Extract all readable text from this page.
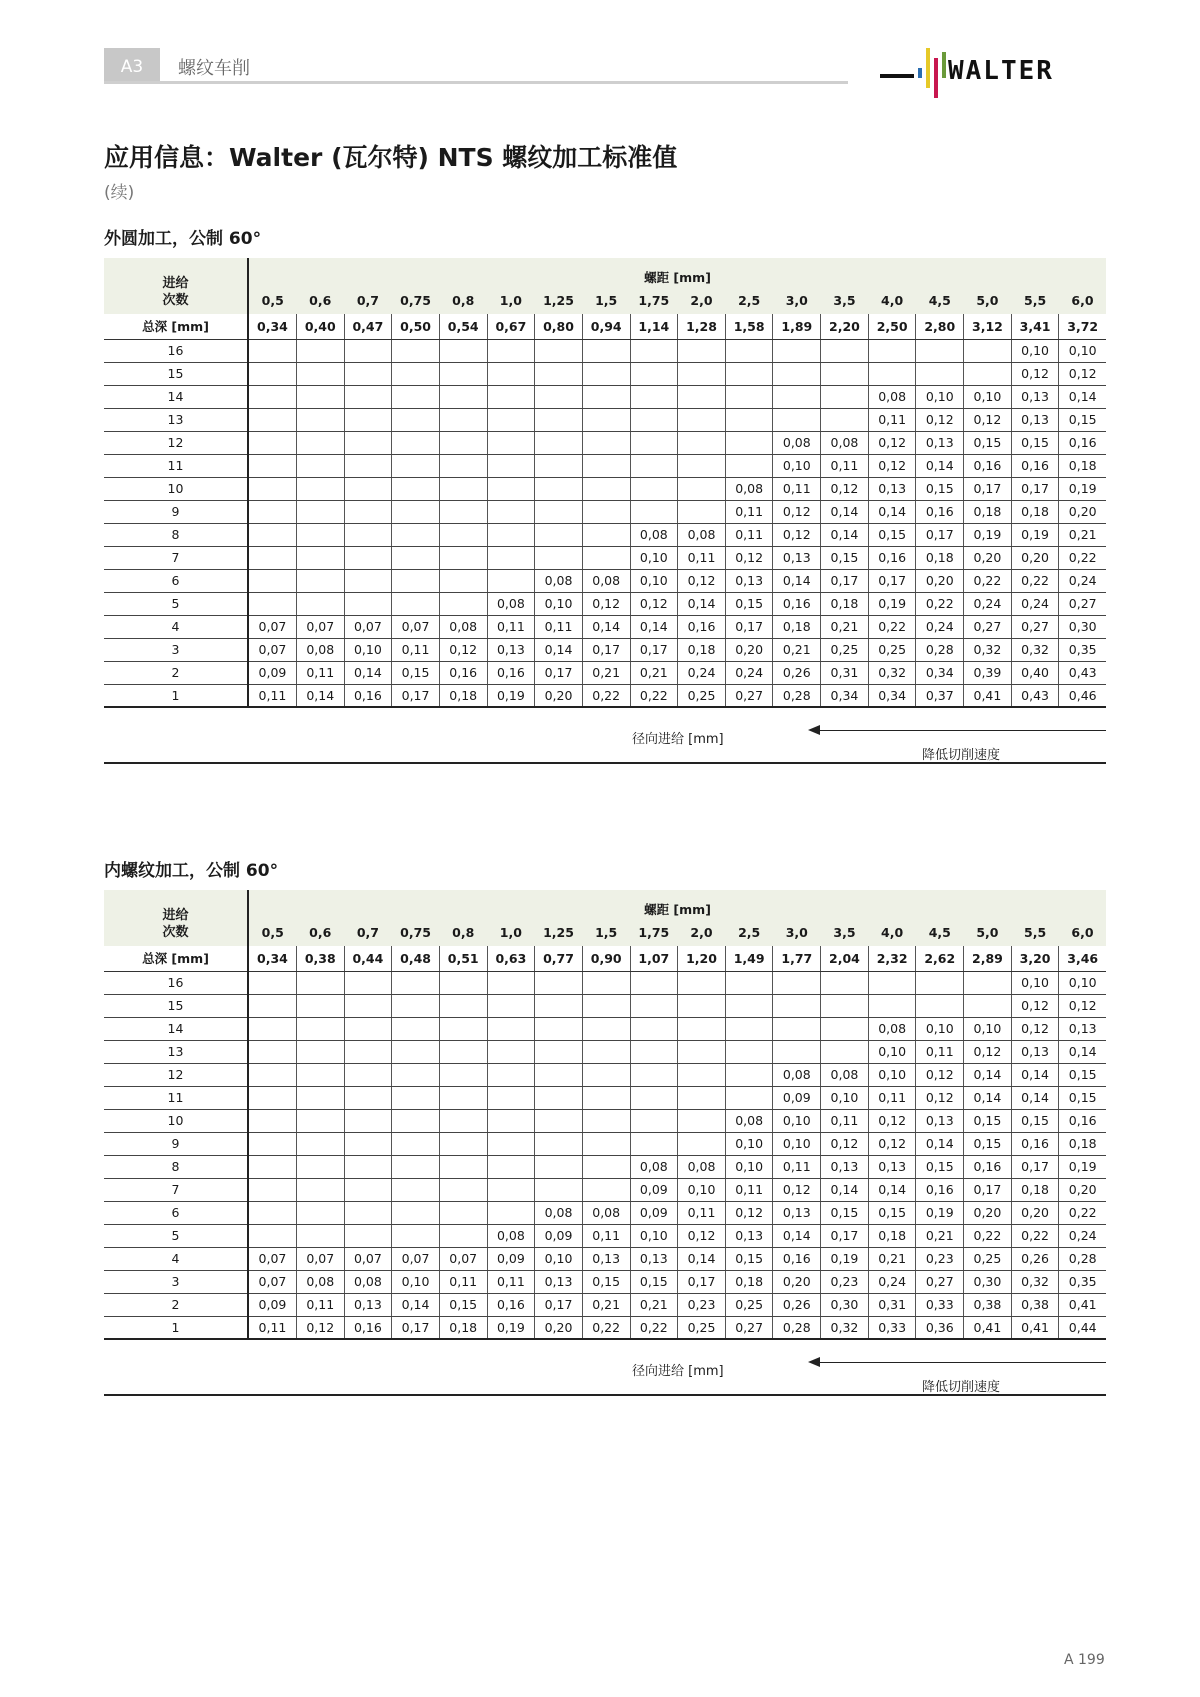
A3	螺纹车削	WALTER
应用信息：Walter (瓦尔特) NTS 螺纹加工标准值
(续)
外圆加工，公制 60°
进给
次数	螺距 [mm]																	
	0,5	0,6	0,7	0,75	0,8	1,0	1,25	1,5	1,75	2,0	2,5	3,0	3,5	4,0	4,5	5,0	5,5	6,0
总深 [mm]	0,34	0,40	0,47	0,50	0,54	0,67	0,80	0,94	1,14	1,28	1,58	1,89	2,20	2,50	2,80	3,12	3,41	3,72
16																	0,10	0,10
15																	0,12	0,12
14														0,08	0,10	0,10	0,13	0,14
13														0,11	0,12	0,12	0,13	0,15
12												0,08	0,08	0,12	0,13	0,15	0,15	0,16
11												0,10	0,11	0,12	0,14	0,16	0,16	0,18
10											0,08	0,11	0,12	0,13	0,15	0,17	0,17	0,19
9											0,11	0,12	0,14	0,14	0,16	0,18	0,18	0,20
8									0,08	0,08	0,11	0,12	0,14	0,15	0,17	0,19	0,19	0,21
7									0,10	0,11	0,12	0,13	0,15	0,16	0,18	0,20	0,20	0,22
6							0,08	0,08	0,10	0,12	0,13	0,14	0,17	0,17	0,20	0,22	0,22	0,24
5						0,08	0,10	0,12	0,12	0,14	0,15	0,16	0,18	0,19	0,22	0,24	0,24	0,27
4	0,07	0,07	0,07	0,07	0,08	0,11	0,11	0,14	0,14	0,16	0,17	0,18	0,21	0,22	0,24	0,27	0,27	0,30
3	0,07	0,08	0,10	0,11	0,12	0,13	0,14	0,17	0,17	0,18	0,20	0,21	0,25	0,25	0,28	0,32	0,32	0,35
2	0,09	0,11	0,14	0,15	0,16	0,16	0,17	0,21	0,21	0,24	0,24	0,26	0,31	0,32	0,34	0,39	0,40	0,43
1	0,11	0,14	0,16	0,17	0,18	0,19	0,20	0,22	0,22	0,25	0,27	0,28	0,34	0,34	0,37	0,41	0,43	0,46
径向进给 [mm]
降低切削速度
内螺纹加工，公制 60°
进给
次数	螺距 [mm]																	
	0,5	0,6	0,7	0,75	0,8	1,0	1,25	1,5	1,75	2,0	2,5	3,0	3,5	4,0	4,5	5,0	5,5	6,0
总深 [mm]	0,34	0,38	0,44	0,48	0,51	0,63	0,77	0,90	1,07	1,20	1,49	1,77	2,04	2,32	2,62	2,89	3,20	3,46
16																	0,10	0,10
15																	0,12	0,12
14														0,08	0,10	0,10	0,12	0,13
13														0,10	0,11	0,12	0,13	0,14
12												0,08	0,08	0,10	0,12	0,14	0,14	0,15
11												0,09	0,10	0,11	0,12	0,14	0,14	0,15
10											0,08	0,10	0,11	0,12	0,13	0,15	0,15	0,16
9											0,10	0,10	0,12	0,12	0,14	0,15	0,16	0,18
8									0,08	0,08	0,10	0,11	0,13	0,13	0,15	0,16	0,17	0,19
7									0,09	0,10	0,11	0,12	0,14	0,14	0,16	0,17	0,18	0,20
6							0,08	0,08	0,09	0,11	0,12	0,13	0,15	0,15	0,19	0,20	0,20	0,22
5						0,08	0,09	0,11	0,10	0,12	0,13	0,14	0,17	0,18	0,21	0,22	0,22	0,24
4	0,07	0,07	0,07	0,07	0,07	0,09	0,10	0,13	0,13	0,14	0,15	0,16	0,19	0,21	0,23	0,25	0,26	0,28
3	0,07	0,08	0,08	0,10	0,11	0,11	0,13	0,15	0,15	0,17	0,18	0,20	0,23	0,24	0,27	0,30	0,32	0,35
2	0,09	0,11	0,13	0,14	0,15	0,16	0,17	0,21	0,21	0,23	0,25	0,26	0,30	0,31	0,33	0,38	0,38	0,41
1	0,11	0,12	0,16	0,17	0,18	0,19	0,20	0,22	0,22	0,25	0,27	0,28	0,32	0,33	0,36	0,41	0,41	0,44
径向进给 [mm]
降低切削速度
A 199
